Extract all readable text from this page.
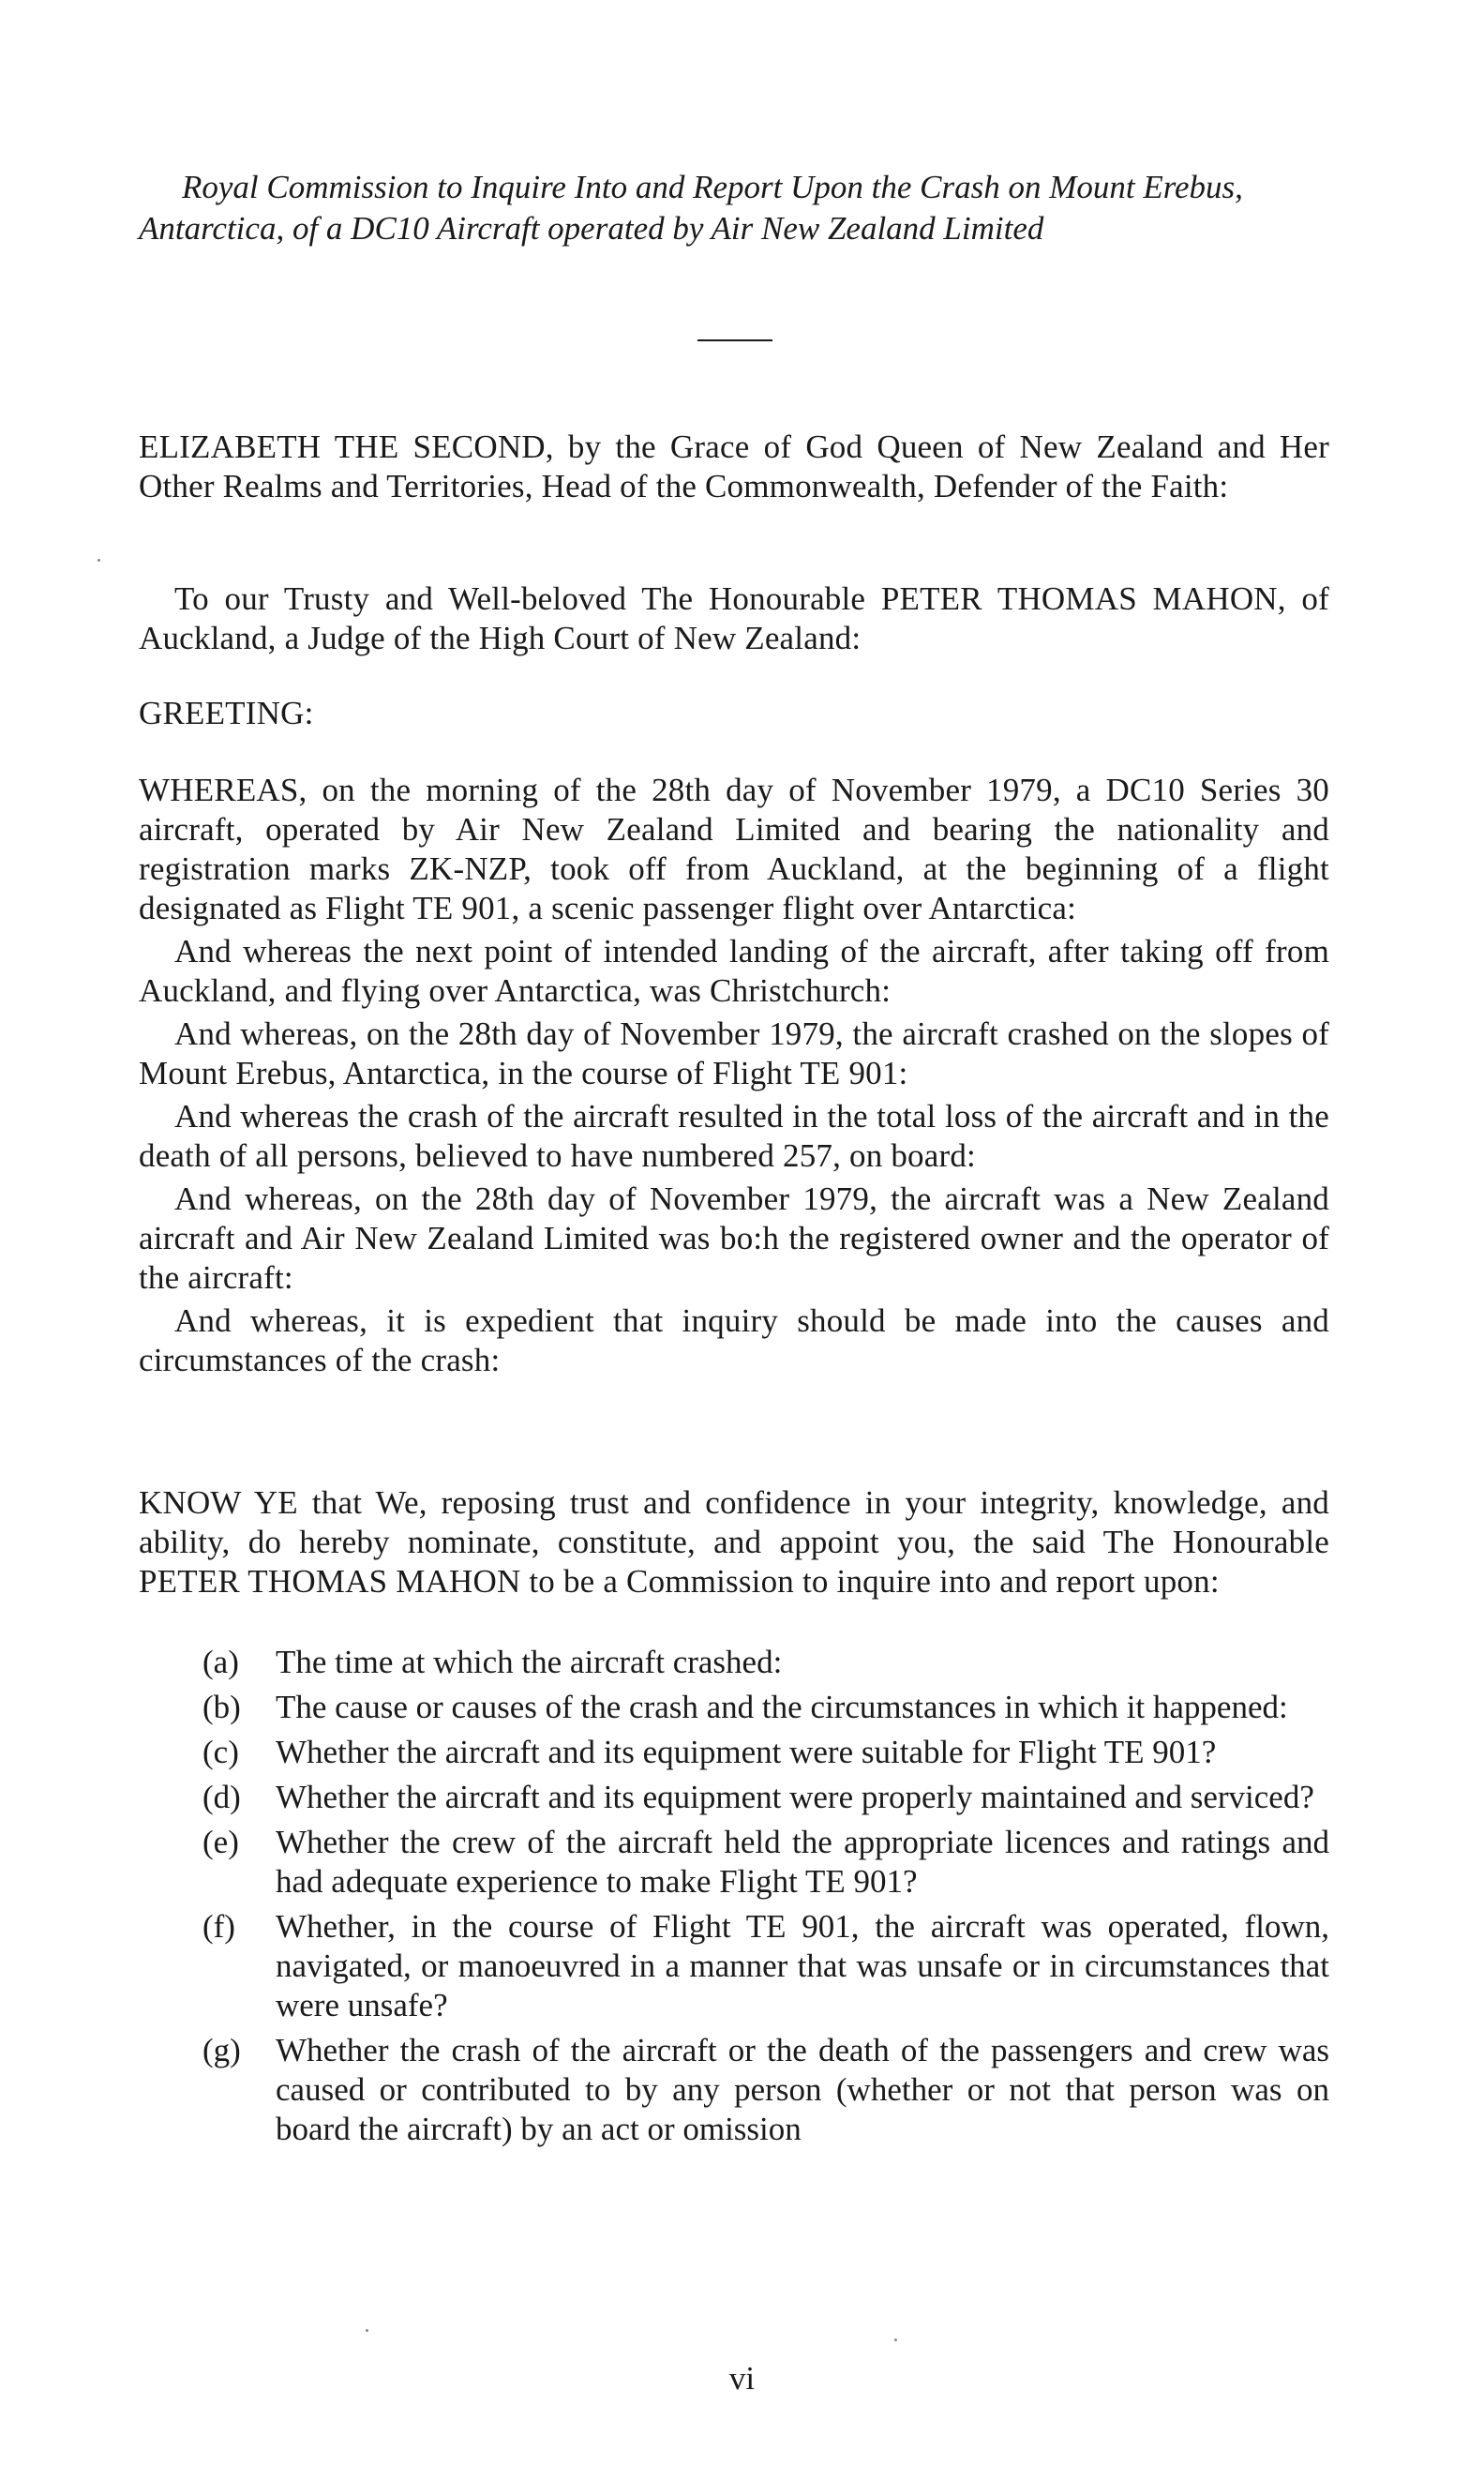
Royal Commission to Inquire Into and Report Upon the Crash on Mount Erebus,
Antarctica, of a DC10 Aircraft operated by Air New Zealand Limited

ELIZABETH THE SECOND, by the Grace of God Queen of New Zealand and Her Other Realms and Territories, Head of the Commonwealth, Defender of the Faith:

To our Trusty and Well-beloved The Honourable PETER THOMAS MAHON, of Auckland, a Judge of the High Court of New Zealand:

GREETING:

WHEREAS, on the morning of the 28th day of November 1979, a DC10 Series 30 aircraft, operated by Air New Zealand Limited and bearing the nationality and registration marks ZK-NZP, took off from Auckland, at the beginning of a flight designated as Flight TE 901, a scenic passenger flight over Antarctica:

And whereas the next point of intended landing of the aircraft, after taking off from Auckland, and flying over Antarctica, was Christchurch:

And whereas, on the 28th day of November 1979, the aircraft crashed on the slopes of Mount Erebus, Antarctica, in the course of Flight TE 901:

And whereas the crash of the aircraft resulted in the total loss of the aircraft and in the death of all persons, believed to have numbered 257, on board:

And whereas, on the 28th day of November 1979, the aircraft was a New Zealand aircraft and Air New Zealand Limited was bo:h the registered owner and the operator of the aircraft:

And whereas, it is expedient that inquiry should be made into the causes and circumstances of the crash:

KNOW YE that We, reposing trust and confidence in your integrity, knowledge, and ability, do hereby nominate, constitute, and appoint you, the said The Honourable PETER THOMAS MAHON to be a Commission to inquire into and report upon:

(a)	The time at which the aircraft crashed:
(b)	The cause or causes of the crash and the circumstances in which it happened:
(c)	Whether the aircraft and its equipment were suitable for Flight TE 901?
(d)	Whether the aircraft and its equipment were properly maintained and serviced?
(e)	Whether the crew of the aircraft held the appropriate licences and ratings and had adequate experience to make Flight TE 901?
(f)	Whether, in the course of Flight TE 901, the aircraft was operated, flown, navigated, or manoeuvred in a manner that was unsafe or in circumstances that were unsafe?
(g)	Whether the crash of the aircraft or the death of the passengers and crew was caused or contributed to by any person (whether or not that person was on board the aircraft) by an act or omission
vi
